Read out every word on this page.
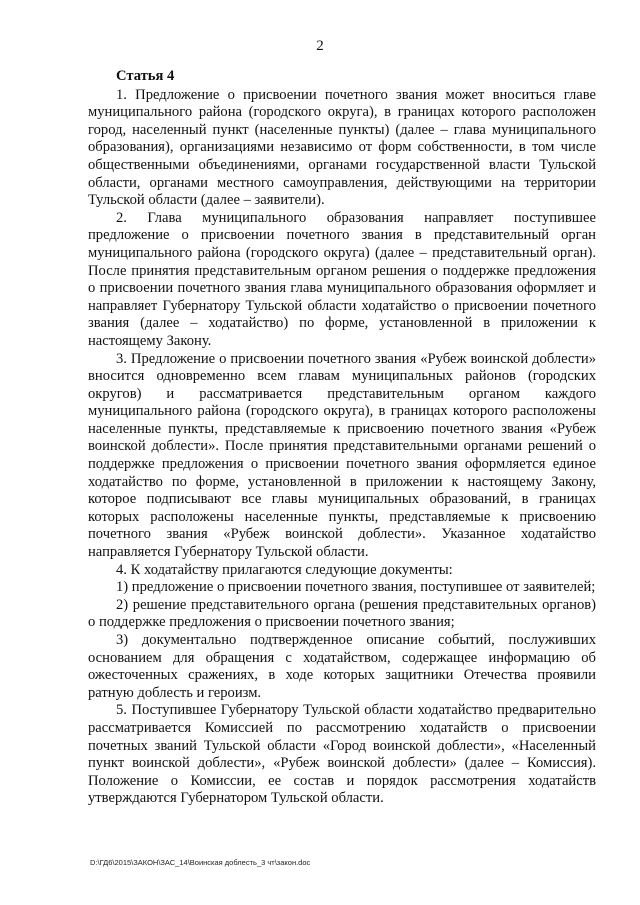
2
Статья 4

1. Предложение о присвоении почетного звания может вноситься главе муниципального района (городского округа), в границах которого расположен город, населенный пункт (населенные пункты) (далее – глава муниципального образования), организациями независимо от форм собственности, в том числе общественными объединениями, органами государственной власти Тульской области, органами местного самоуправления, действующими на территории Тульской области (далее – заявители).

2. Глава муниципального образования направляет поступившее предложение о присвоении почетного звания в представительный орган муниципального района (городского округа) (далее – представительный орган). После принятия представительным органом решения о поддержке предложения о присвоении почетного звания глава муниципального образования оформляет и направляет Губернатору Тульской области ходатайство о присвоении почетного звания (далее – ходатайство) по форме, установленной в приложении к настоящему Закону.

3. Предложение о присвоении почетного звания «Рубеж воинской доблести» вносится одновременно всем главам муниципальных районов (городских округов) и рассматривается представительным органом каждого муниципального района (городского округа), в границах которого расположены населенные пункты, представляемые к присвоению почетного звания «Рубеж воинской доблести». После принятия представительными органами решений о поддержке предложения о присвоении почетного звания оформляется единое ходатайство по форме, установленной в приложении к настоящему Закону, которое подписывают все главы муниципальных образований, в границах которых расположены населенные пункты, представляемые к присвоению почетного звания «Рубеж воинской доблести». Указанное ходатайство направляется Губернатору Тульской области.

4. К ходатайству прилагаются следующие документы:

1) предложение о присвоении почетного звания, поступившее от заявителей;

2) решение представительного органа (решения представительных органов) о поддержке предложения о присвоении почетного звания;

3) документально подтвержденное описание событий, послуживших основанием для обращения с ходатайством, содержащее информацию об ожесточенных сражениях, в ходе которых защитники Отечества проявили ратную доблесть и героизм.

5. Поступившее Губернатору Тульской области ходатайство предварительно рассматривается Комиссией по рассмотрению ходатайств о присвоении почетных званий Тульской области «Город воинской доблести», «Населенный пункт воинской доблести», «Рубеж воинской доблести» (далее – Комиссия). Положение о Комиссии, ее состав и порядок рассмотрения ходатайств утверждаются Губернатором Тульской области.

D:\ГД6\2015\ЗАКОН\ЗАС_14\Воинская доблесть_3 чт\закон.doc
